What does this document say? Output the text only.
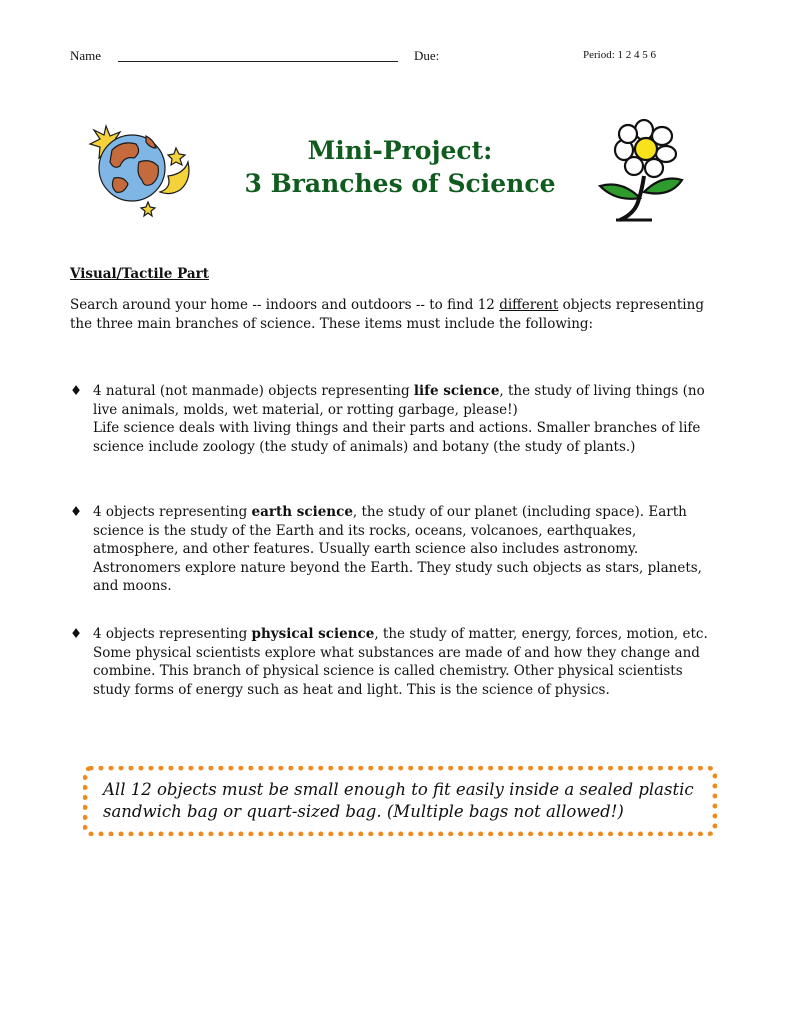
Name	Due:	Period: 1 2 4 5 6
Mini-Project:
3 Branches of Science
Visual/Tactile Part
Search around your home -- indoors and outdoors -- to find 12 different objects representing the three main branches of science. These items must include the following:
♦ 4 natural (not manmade) objects representing life science, the study of living things (no live animals, molds, wet material, or rotting garbage, please!)
Life science deals with living things and their parts and actions. Smaller branches of life science include zoology (the study of animals) and botany (the study of plants.)
♦ 4 objects representing earth science, the study of our planet (including space). Earth science is the study of the Earth and its rocks, oceans, volcanoes, earthquakes, atmosphere, and other features. Usually earth science also includes astronomy. Astronomers explore nature beyond the Earth. They study such objects as stars, planets, and moons.
♦ 4 objects representing physical science, the study of matter, energy, forces, motion, etc. Some physical scientists explore what substances are made of and how they change and combine. This branch of physical science is called chemistry. Other physical scientists study forms of energy such as heat and light. This is the science of physics.
All 12 objects must be small enough to fit easily inside a sealed plastic sandwich bag or quart-sized bag. (Multiple bags not allowed!)
